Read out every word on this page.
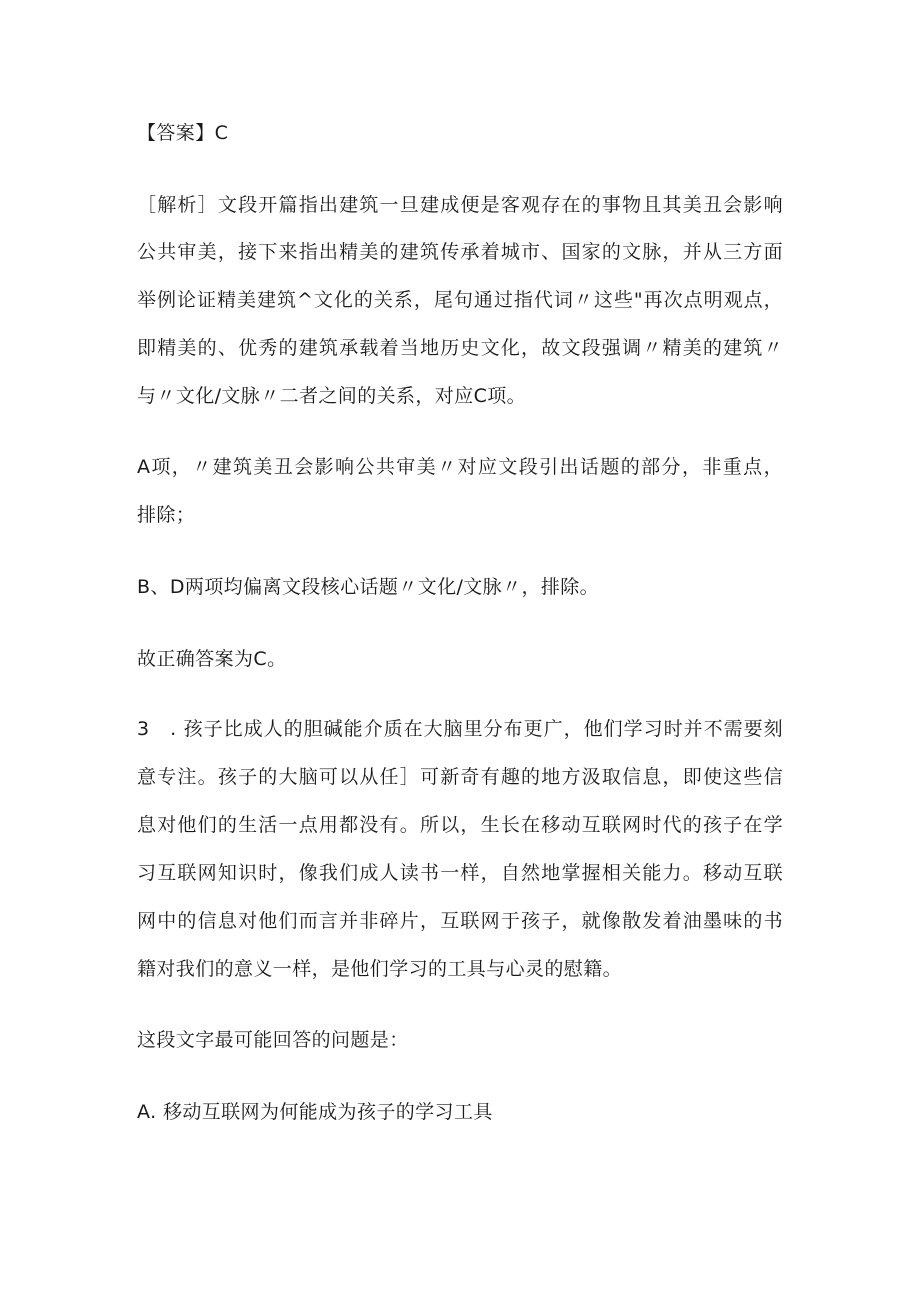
【答案】C
［解析］文段开篇指出建筑一旦建成便是客观存在的事物且其美丑会影响
公共审美，接下来指出精美的建筑传承着城市、国家的文脉，并从三方面
举例论证精美建筑^文化的关系，尾句通过指代词〃这些"再次点明观点，
即精美的、优秀的建筑承载着当地历史文化，故文段强调〃精美的建筑〃
与〃文化/文脉〃二者之间的关系，对应C项。
A项，〃建筑美丑会影响公共审美〃对应文段引出话题的部分，非重点，
排除；
B、D两项均偏离文段核心话题〃文化/文脉〃，排除。
故正确答案为C。
3　. 孩子比成人的胆碱能介质在大脑里分布更广，他们学习时并不需要刻
意专注。孩子的大脑可以从任］可新奇有趣的地方汲取信息，即使这些信
息对他们的生活一点用都没有。所以，生长在移动互联网时代的孩子在学
习互联网知识时，像我们成人读书一样，自然地掌握相关能力。移动互联
网中的信息对他们而言并非碎片，互联网于孩子，就像散发着油墨味的书
籍对我们的意义一样，是他们学习的工具与心灵的慰籍。
这段文字最可能回答的问题是：
A. 移动互联网为何能成为孩子的学习工具
